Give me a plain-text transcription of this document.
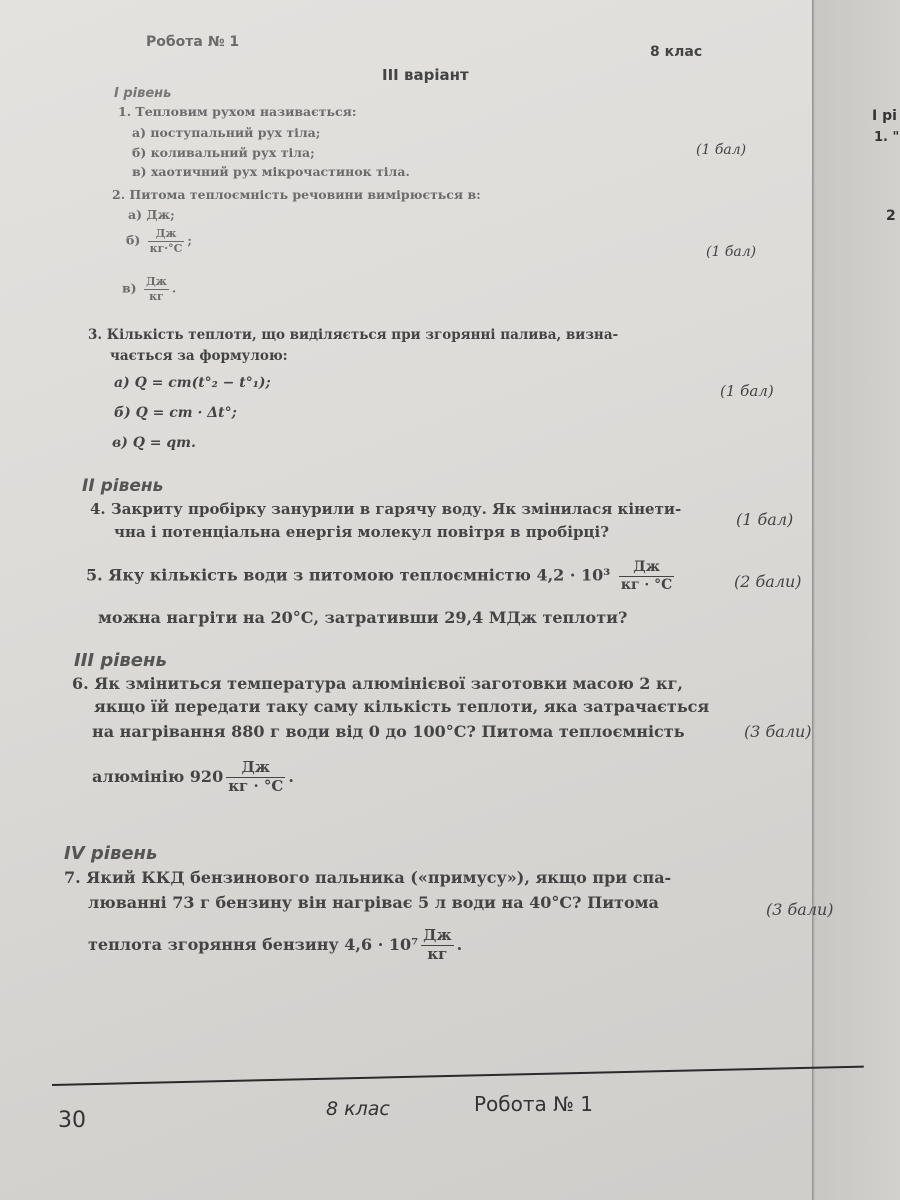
І рі
1. "
2
Робота № 1
8 клас
ІІІ варіант
І рівень
1. Тепловим рухом називається:
а) поступальний рух тіла;
б) коливальний рух тіла;
в) хаотичний рух мікрочастинок тіла.
(1 бал)
2. Питома теплоємність речовини вимірюється в:
а) Дж;
$б) \frac{Дж}{кг\cdot^\circ С}$ ;
$в) \frac{Дж}{кг}$ .
(1 бал)
3. Кількість теплоти, що виділяється при згорянні палива, визна-
чається за формулою:
а) Q = cm(t°₂ − t°₁);
б) Q = cm · Δt°;
в) Q = qm.
(1 бал)
ІІ рівень
4. Закриту пробірку занурили в гарячу воду. Як змінилася кінети-
чна і потенціальна енергія молекул повітря в пробірці?
(1 бал)
5. Яку кількість води з питомою теплоємністю $4,2 \cdot 10^3 \frac{Дж}{кг \cdot ^\circ С}$	(2 бали)
можна нагріти на 20°С, затративши 29,4 МДж теплоти?
ІІІ рівень
6. Як зміниться температура алюмінієвої заготовки масою 2 кг,
якщо їй передати таку саму кількість теплоти, яка затрачається
на нагрівання 880 г води від 0 до 100°С? Питома теплоємність	(3 бали)
алюмінію $920 \frac{Дж}{кг \cdot ^\circ С}$ .
ІV рівень
7. Який ККД бензинового пальника («примусу»), якщо при спа-
люванні 73 г бензину він нагріває 5 л води на 40°С? Питома	(3 бали)
теплота згоряння бензину $4,6 \cdot 10^7 \frac{Дж}{кг}$ .
30	8 клас	Робота № 1
